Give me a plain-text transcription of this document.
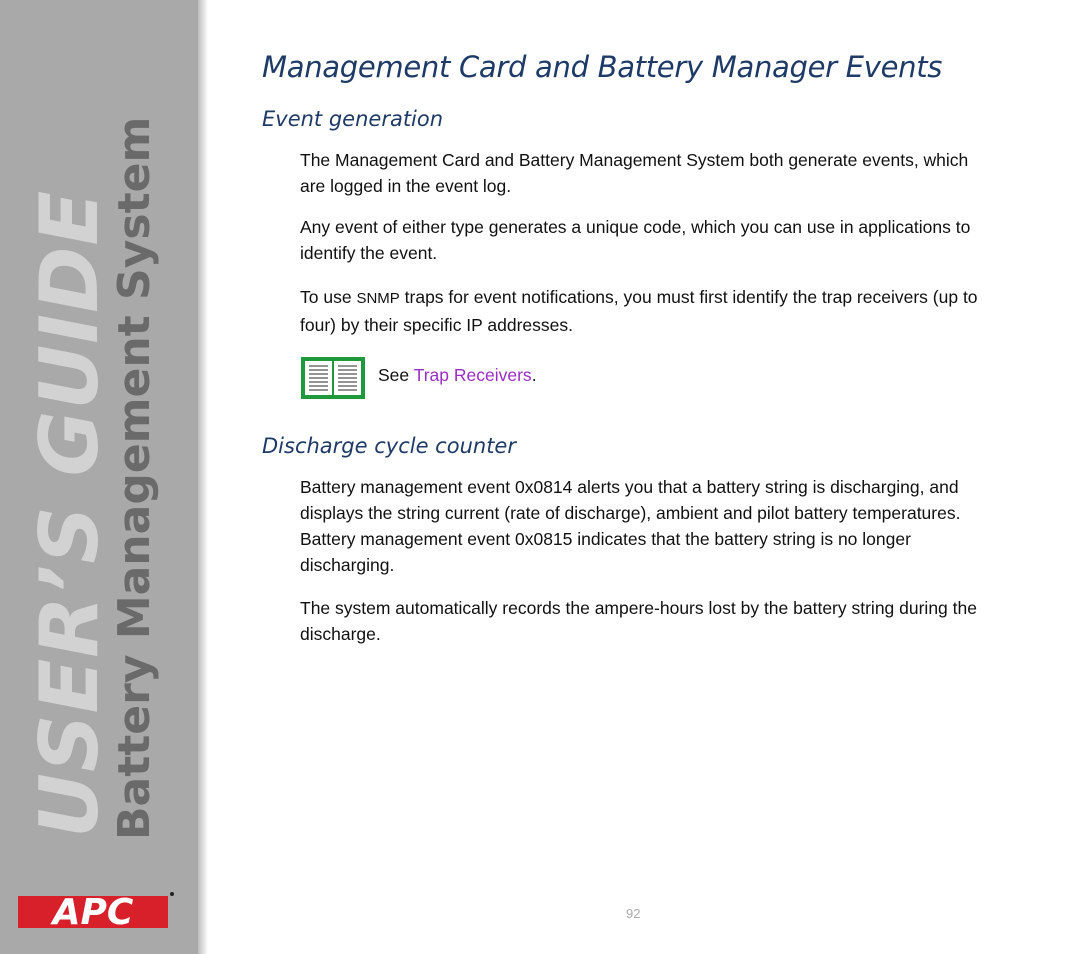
USER’S GUIDE
Battery Management System
APC
Management Card and Battery Manager Events
Event generation

The Management Card and Battery Management System both generate events, which are logged in the event log.

Any event of either type generates a unique code, which you can use in applications to identify the event.

To use SNMP traps for event notifications, you must first identify the trap receivers (up to four) by their specific IP addresses.

See Trap Receivers.
Discharge cycle counter

Battery management event 0x0814 alerts you that a battery string is discharging, and displays the string current (rate of discharge), ambient and pilot battery temperatures. Battery management event 0x0815 indicates that the battery string is no longer discharging.

The system automatically records the ampere-hours lost by the battery string during the discharge.

92
